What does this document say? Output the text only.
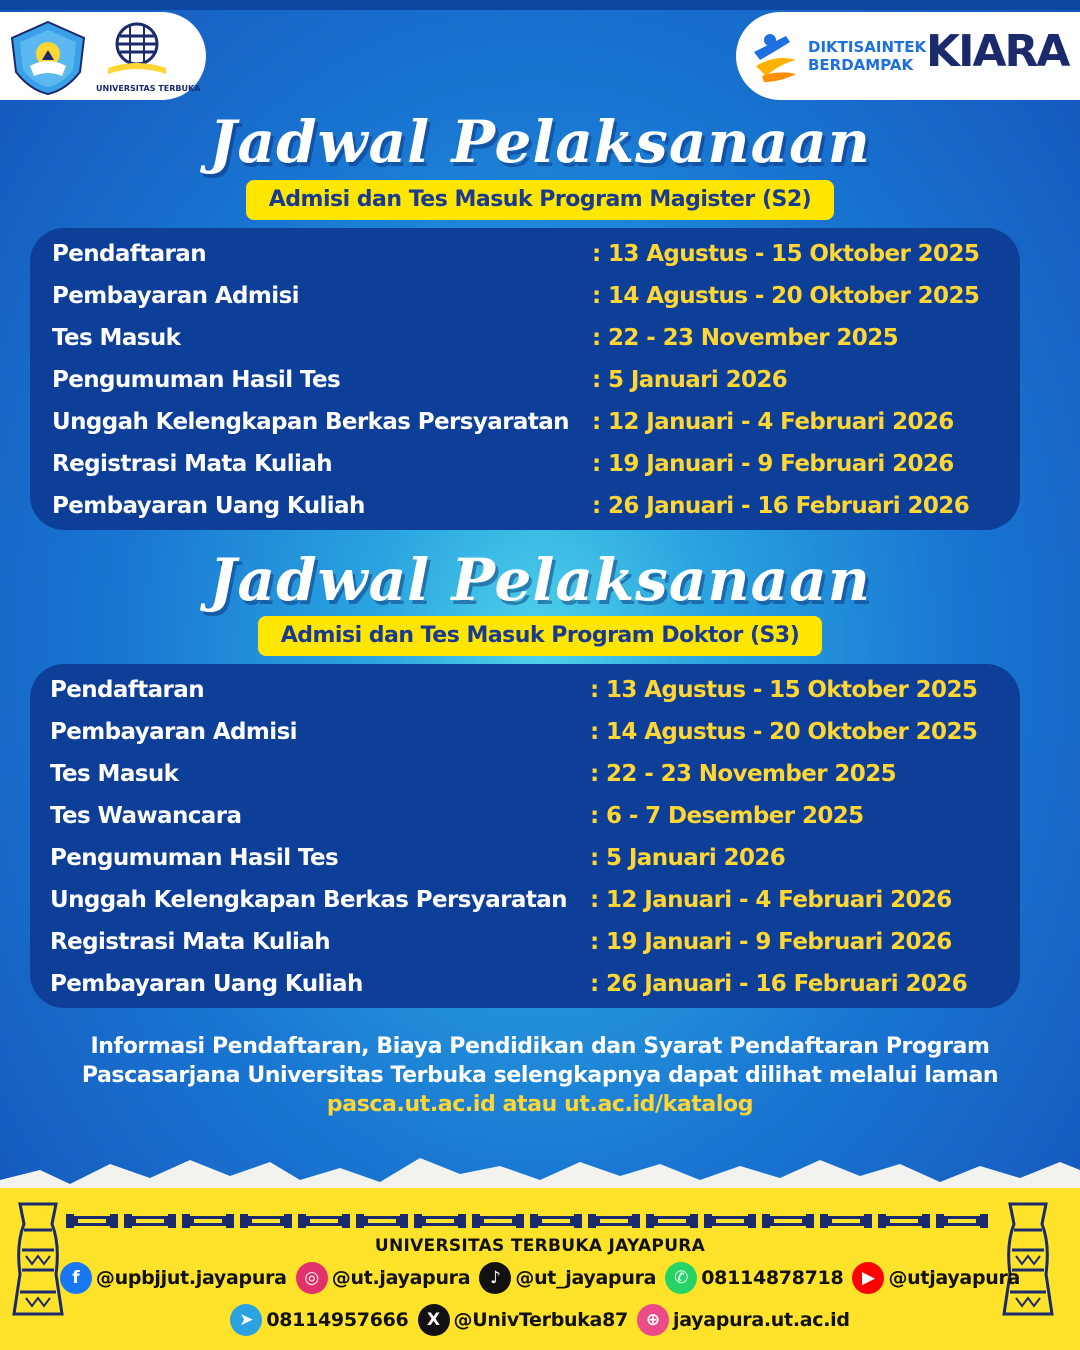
UNIVERSITAS TERBUKA
DIKTISAINTEK
BERDAMPAK KIARA
Jadwal Pelaksanaan
Admisi dan Tes Masuk Program Magister (S2)
Pendaftaran	: 13 Agustus - 15 Oktober 2025
Pembayaran Admisi	: 14 Agustus - 20 Oktober 2025
Tes Masuk	: 22 - 23 November 2025
Pengumuman Hasil Tes	: 5 Januari 2026
Unggah Kelengkapan Berkas Persyaratan : 12 Januari - 4 Februari 2026
Registrasi Mata Kuliah	: 19 Januari - 9 Februari 2026
Pembayaran Uang Kuliah	: 26 Januari - 16 Februari 2026
Jadwal Pelaksanaan
Admisi dan Tes Masuk Program Doktor (S3)
Pendaftaran	: 13 Agustus - 15 Oktober 2025
Pembayaran Admisi	: 14 Agustus - 20 Oktober 2025
Tes Masuk	: 22 - 23 November 2025
Tes Wawancara	: 6 - 7 Desember 2025
Pengumuman Hasil Tes	: 5 Januari 2026
Unggah Kelengkapan Berkas Persyaratan : 12 Januari - 4 Februari 2026
Registrasi Mata Kuliah	: 19 Januari - 9 Februari 2026
Pembayaran Uang Kuliah	: 26 Januari - 16 Februari 2026
Informasi Pendaftaran, Biaya Pendidikan dan Syarat Pendaftaran Program
Pascasarjana Universitas Terbuka selengkapnya dapat dilihat melalui laman
pasca.ut.ac.id atau ut.ac.id/katalog
UNIVERSITAS TERBUKA JAYAPURA
f @upbjjut.jayapura ◎ @ut.jayapura ♪ @ut_jayapura ✆ 08114878718 ▶ @utjayapura
➤ 08114957666 X @UnivTerbuka87 ⊕ jayapura.ut.ac.id
